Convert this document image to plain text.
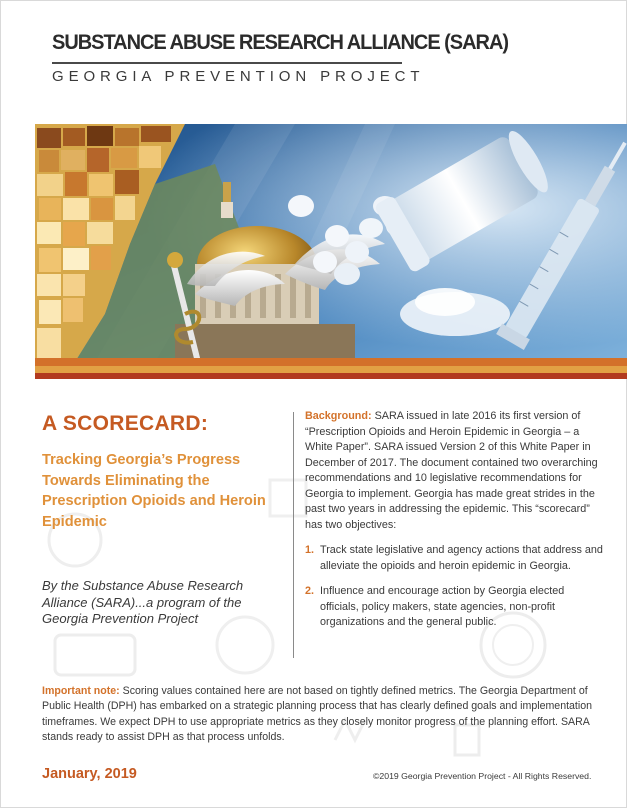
SUBSTANCE ABUSE RESEARCH ALLIANCE (SARA)
GEORGIA PREVENTION PROJECT
A SCORECARD:
Tracking Georgia’s Progress Towards Eliminating the Prescription Opioids and Heroin Epidemic
By the Substance Abuse Research Alliance (SARA)...a program of the Georgia Prevention Project
Background: SARA issued in late 2016 its first version of “Prescription Opioids and Heroin Epidemic in Georgia – a White Paper”. SARA issued Version 2 of this White Paper in December of 2017. The document contained two overarching recommendations and 10 legislative recommendations for Georgia to implement. Georgia has made great strides in the past two years in addressing the epidemic. This “scorecard” has two objectives:
1. Track state legislative and agency actions that address and alleviate the opioids and heroin epidemic in Georgia.
2. Influence and encourage action by Georgia elected officials, policy makers, state agencies, non-profit organizations and the general public.
Important note: Scoring values contained here are not based on tightly defined metrics. The Georgia Department of Public Health (DPH) has embarked on a strategic planning process that has clearly defined goals and implementation timeframes. We expect DPH to use appropriate metrics as they closely monitor progress of the planning effort. SARA stands ready to assist DPH as that process unfolds.
January, 2019	©2019 Georgia Prevention Project - All Rights Reserved.
